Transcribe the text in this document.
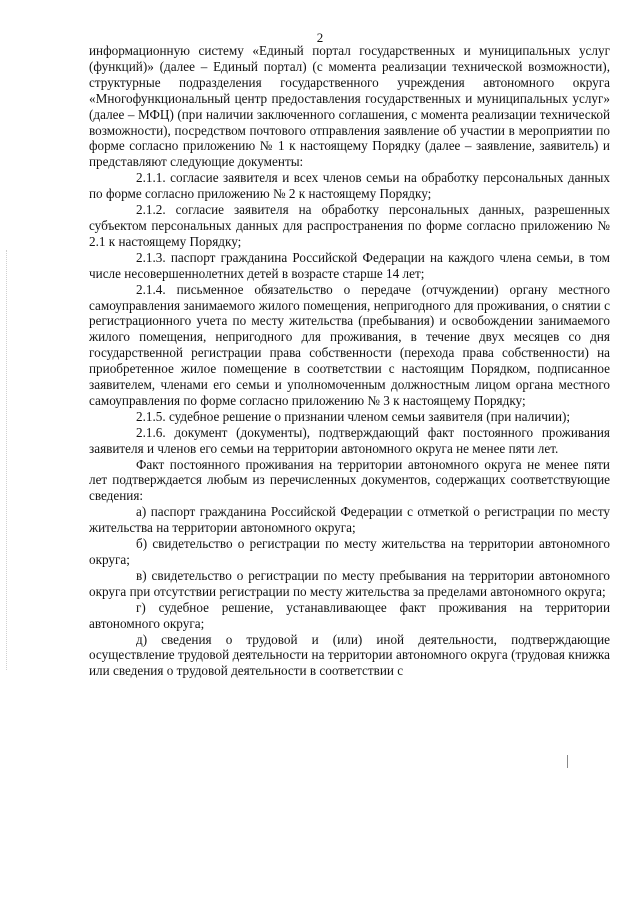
2

информационную систему «Единый портал государственных и муниципальных услуг (функций)» (далее – Единый портал) (с момента реализации технической возможности), структурные подразделения государственного учреждения автономного округа «Многофункциональный центр предоставления государственных и муниципальных услуг» (далее – МФЦ) (при наличии заключенного соглашения, с момента реализации технической возможности), посредством почтового отправления заявление об участии в мероприятии по форме согласно приложению № 1 к настоящему Порядку (далее – заявление, заявитель) и представляют следующие документы:

2.1.1. согласие заявителя и всех членов семьи на обработку персональных данных по форме согласно приложению № 2 к настоящему Порядку;

2.1.2. согласие заявителя на обработку персональных данных, разрешенных субъектом персональных данных для распространения по форме согласно приложению № 2.1 к настоящему Порядку;

2.1.3. паспорт гражданина Российской Федерации на каждого члена семьи, в том числе несовершеннолетних детей в возрасте старше 14 лет;

2.1.4. письменное обязательство о передаче (отчуждении) органу местного самоуправления занимаемого жилого помещения, непригодного для проживания, о снятии с регистрационного учета по месту жительства (пребывания) и освобождении занимаемого жилого помещения, непригодного для проживания, в течение двух месяцев со дня государственной регистрации права собственности (перехода права собственности) на приобретенное жилое помещение в соответствии с настоящим Порядком, подписанное заявителем, членами его семьи и уполномоченным должностным лицом органа местного самоуправления по форме согласно приложению № 3 к настоящему Порядку;

2.1.5. судебное решение о признании членом семьи заявителя (при наличии);

2.1.6. документ (документы), подтверждающий факт постоянного проживания заявителя и членов его семьи на территории автономного округа не менее пяти лет.

Факт постоянного проживания на территории автономного округа не менее пяти лет подтверждается любым из перечисленных документов, содержащих соответствующие сведения:

а) паспорт гражданина Российской Федерации с отметкой о регистрации по месту жительства на территории автономного округа;

б) свидетельство о регистрации по месту жительства на территории автономного округа;

в) свидетельство о регистрации по месту пребывания на территории автономного округа при отсутствии регистрации по месту жительства за пределами автономного округа;

г) судебное решение, устанавливающее факт проживания на территории автономного округа;

д) сведения о трудовой и (или) иной деятельности, подтверждающие осуществление трудовой деятельности на территории автономного округа (трудовая книжка или сведения о трудовой деятельности в соответствии с
